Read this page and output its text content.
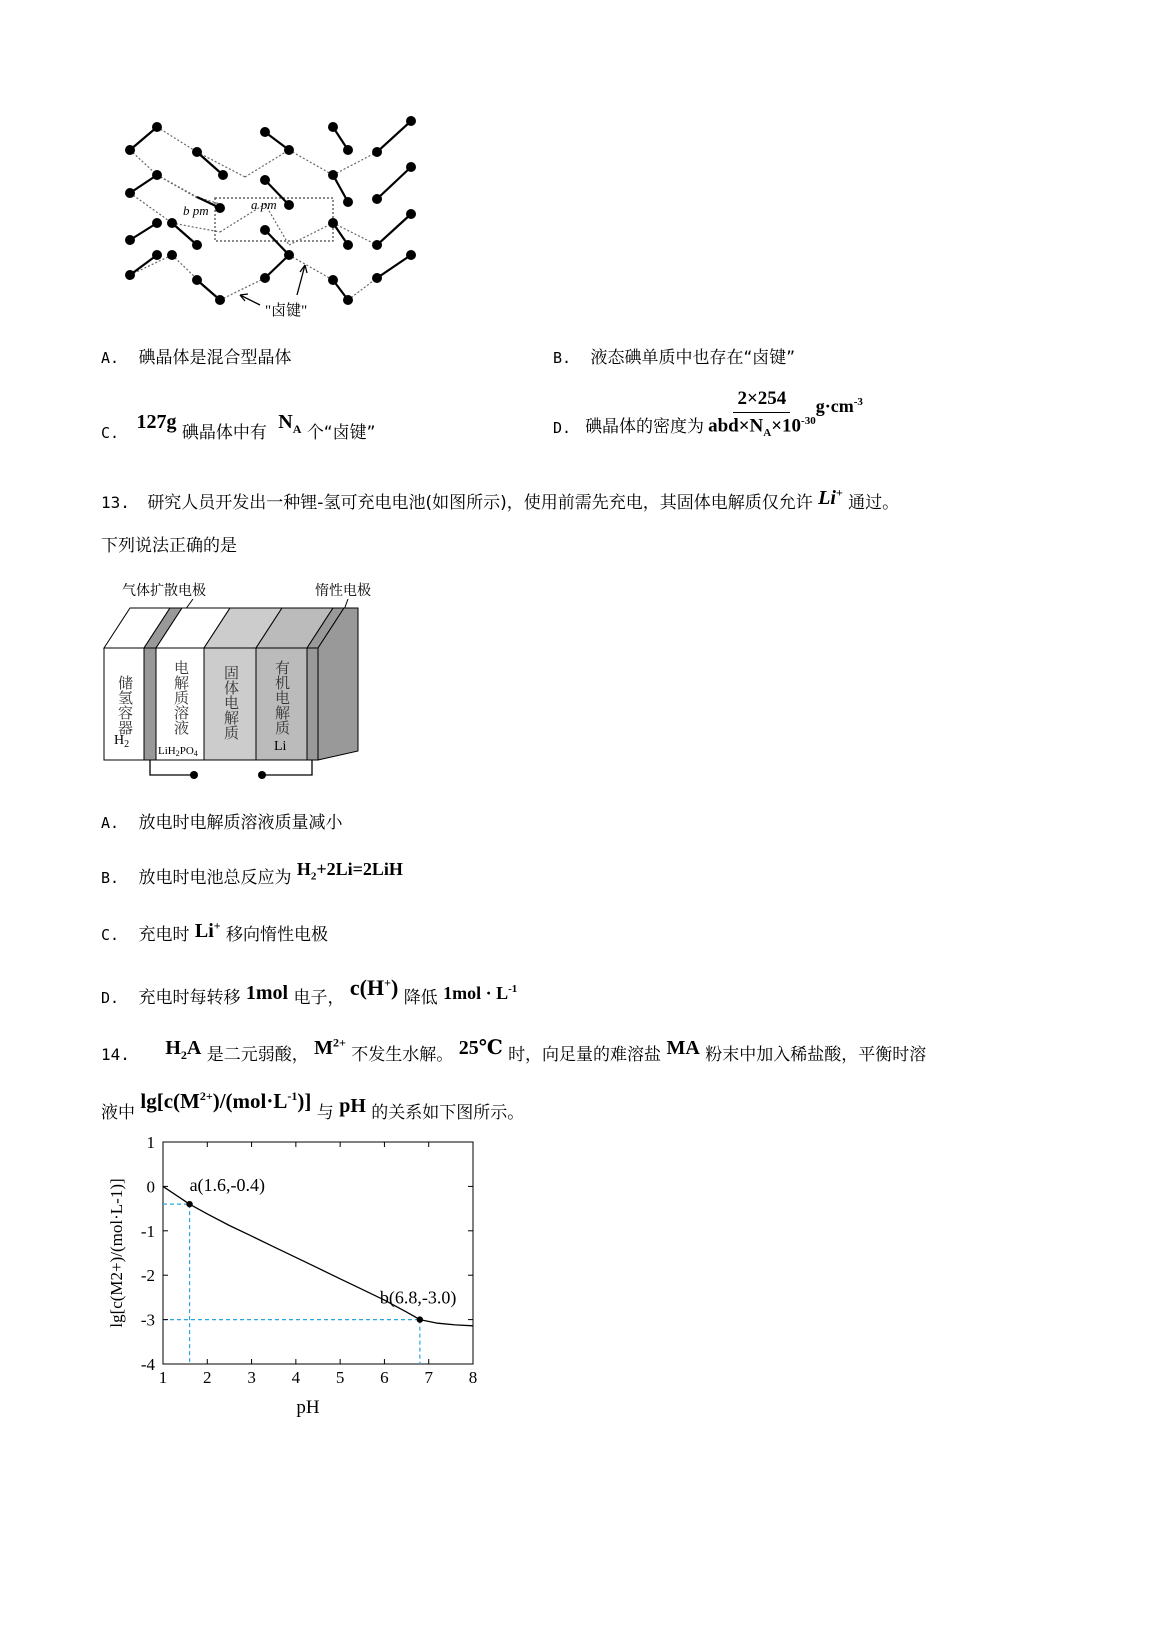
b pm	a pm
"卤键"
A. 碘晶体是混合型晶体	B. 液态碘单质中也存在“卤键”
C. 127g 碘晶体中有 $N_A$ 个“卤键”	D. 碘晶体的密度为 $\frac{2\times 254}{abd\times N_A\times 10^{-30}} g\cdot cm^{-3}$
13. 研究人员开发出一种锂-氢可充电电池(如图所示)，使用前需先充电，其固体电解质仅允许 Li+ 通过。
下列说法正确的是
气体扩散电极	惰性电极
储氢容器
$H_2$
电解质溶液
LiH2PO4
固体电解质 有机电解质
Li
A. 放电时电解质溶液质量减小
B. 放电时电池总反应为 $H_2+2Li=2LiH$
C. 充电时 Li+ 移向惰性电极
D. 充电时每转移 1mol 电子， c(H+) 降低 $1mol \cdot L^{-1}$
14. $H_2A$ 是二元弱酸， $M^{2+}$ 不发生水解。 25℃ 时，向足量的难溶盐 MA 粉末中加入稀盐酸，平衡时溶
液中 $\lg[c(M^{2+})/(mol\cdot L^{-1})]$ 与 pH 的关系如下图所示。
1 2 3 4 5 6 7 8
1
0
-1
-2
-3
-4
a(1.6,-0.4)
b(6.8,-3.0)
pH
lg[c(M2+)/(mol·L-1)]
